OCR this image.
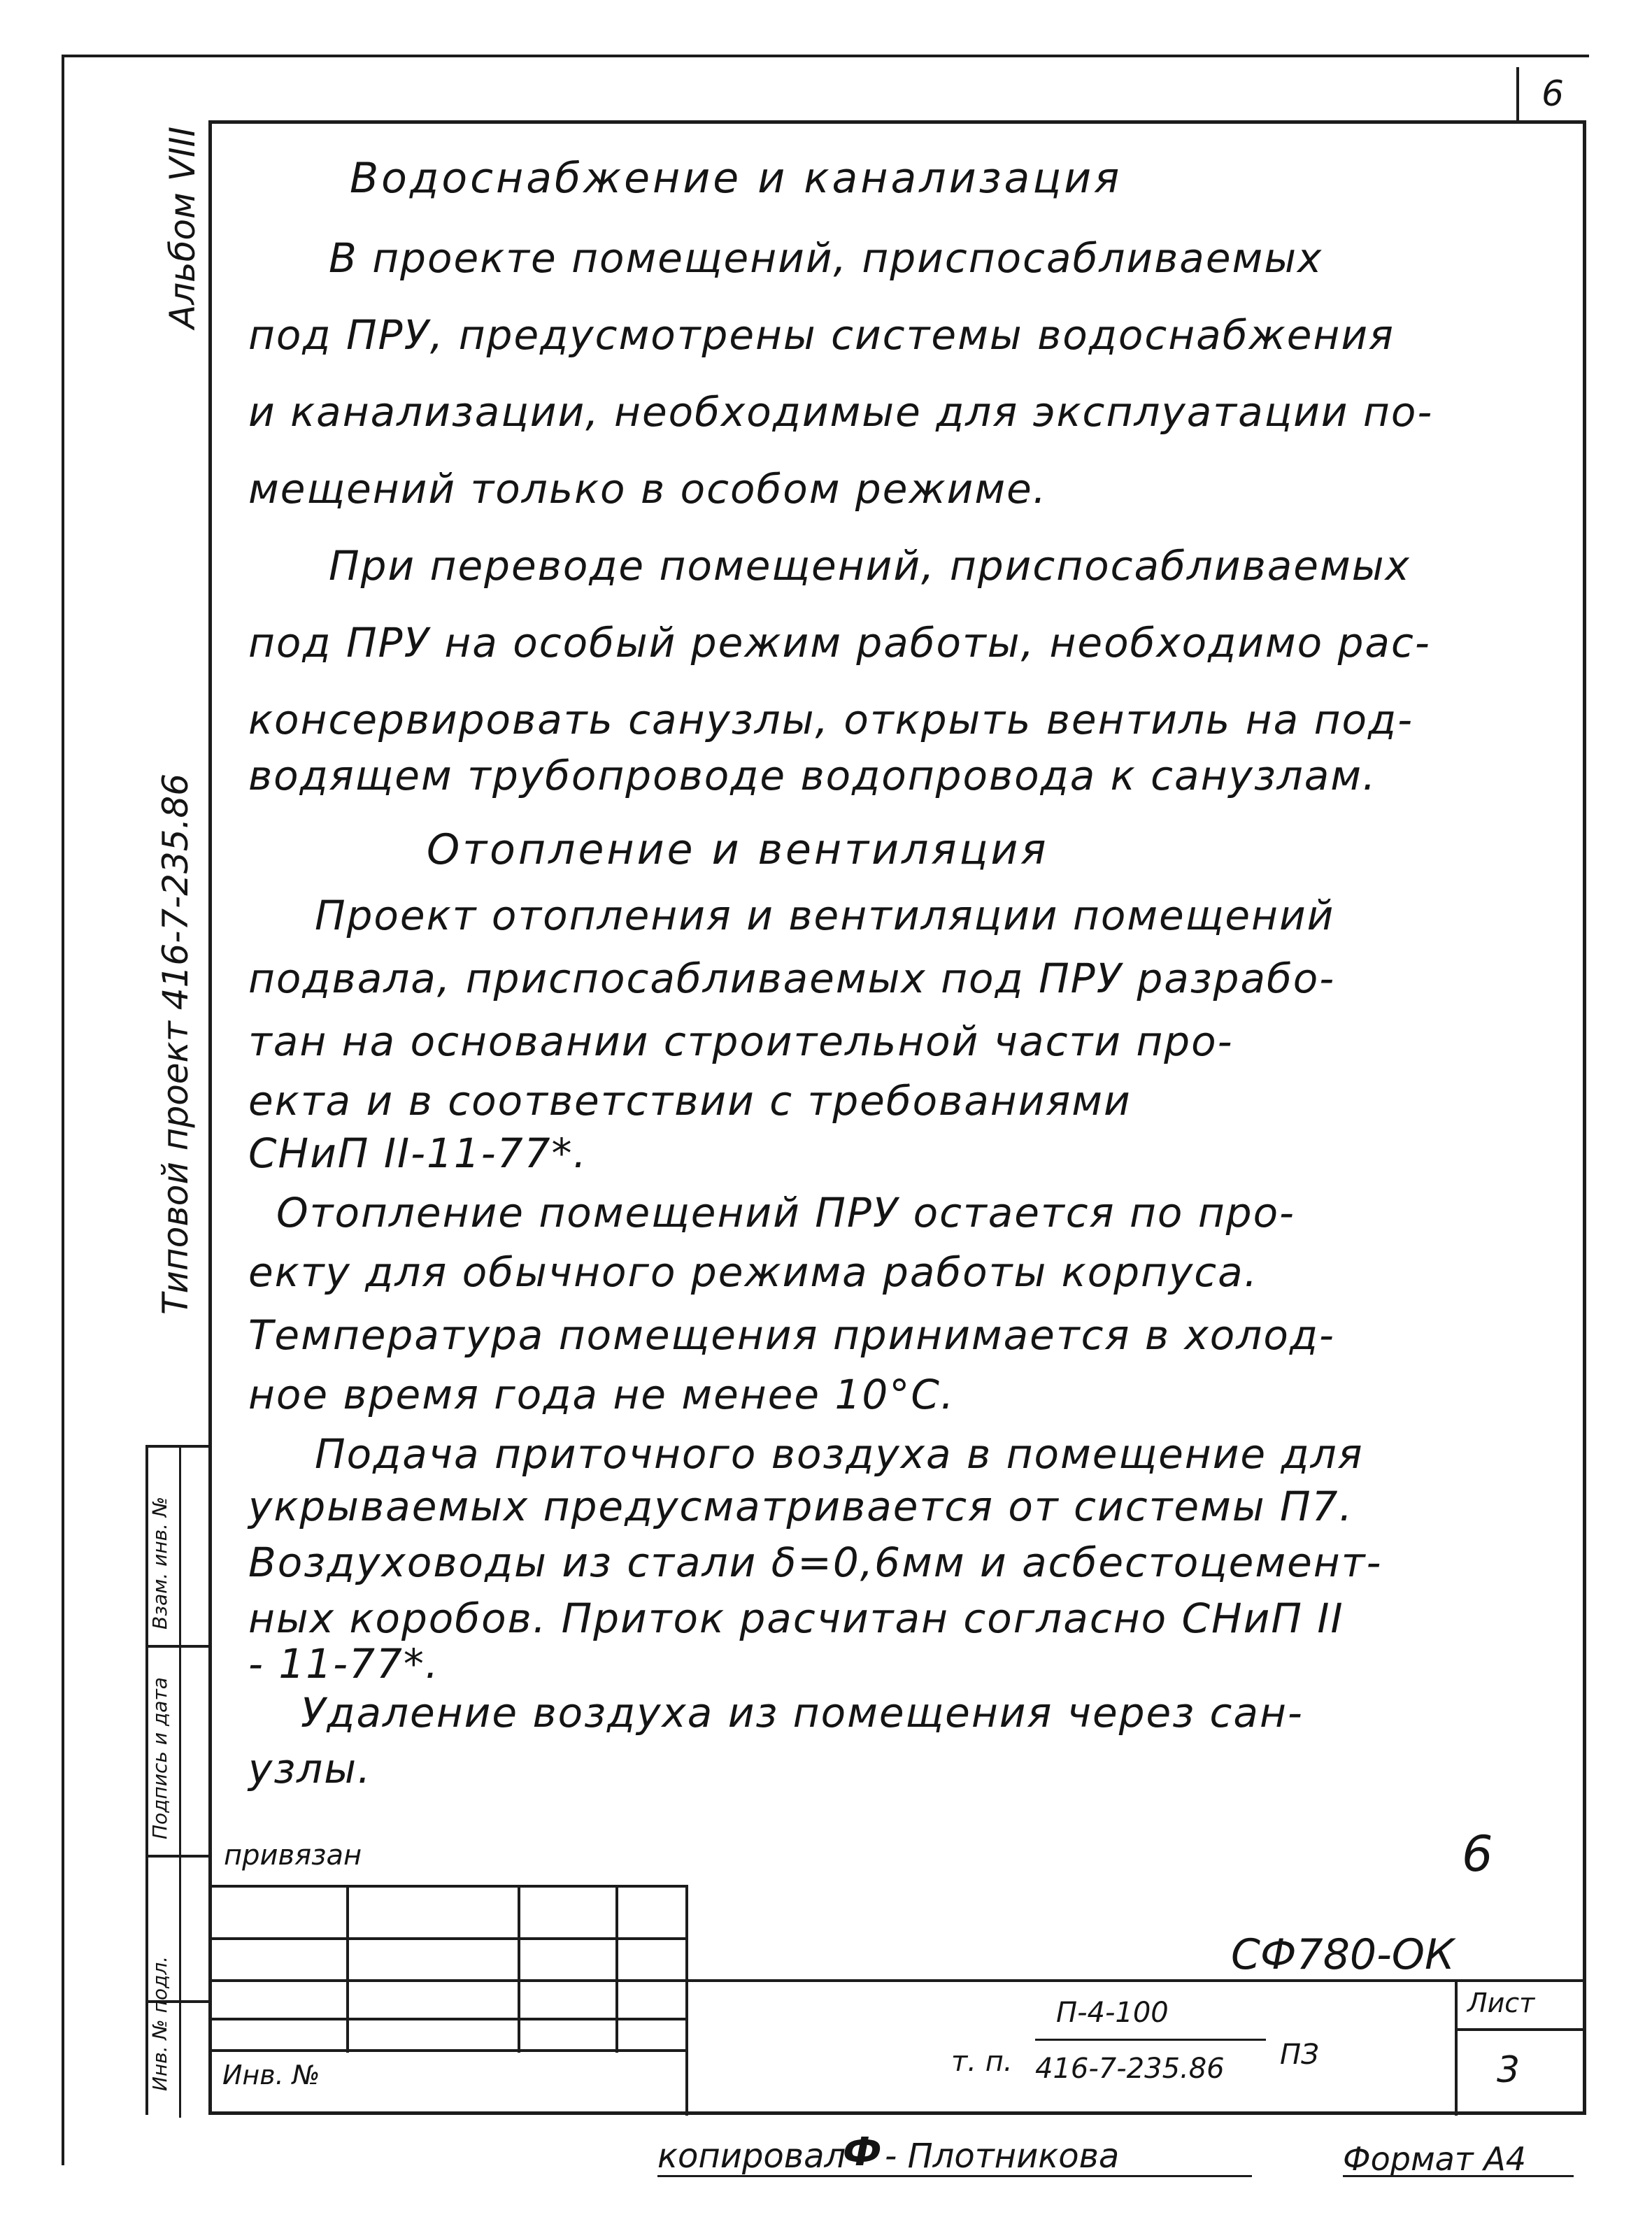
6
Альбом VIII
Типовой проект 416-7-235.86
Взам. инв. №
Подпись и дата
Инв. № подл.
Водоснабжение и канализация
В проекте помещений, приспосабливаемых
под ПРУ, предусмотрены системы водоснабжения
и канализации, необходимые для эксплуатации по-
мещений только в особом режиме.
При переводе помещений, приспосабливаемых
под ПРУ на особый режим работы, необходимо рас-
консервировать санузлы, открыть вентиль на под-
водящем трубопроводе водопровода к санузлам.
Отопление и вентиляция
Проект отопления и вентиляции помещений
подвала, приспосабливаемых под ПРУ разрабо-
тан на основании строительной части про-
екта и в соответствии с требованиями
СНиП II-11-77*.
Отопление помещений ПРУ остается по про-
екту для обычного режима работы корпуса.
Температура помещения принимается в холод-
ное время года не менее 10°С.
Подача приточного воздуха в помещение для
укрываемых предусматривается от системы П7.
Воздуховоды из стали δ=0,6мм и асбестоцемент-
ных коробов. Приток расчитан согласно СНиП II
- 11-77*.
Удаление воздуха из помещения через сан-
узлы.
6
привязан
Инв. №
СФ780-ОК
т. п.
П-4-100
416-7-235.86 ПЗ
Лист
3
копировал
Ф - Плотникова	Формат А4
